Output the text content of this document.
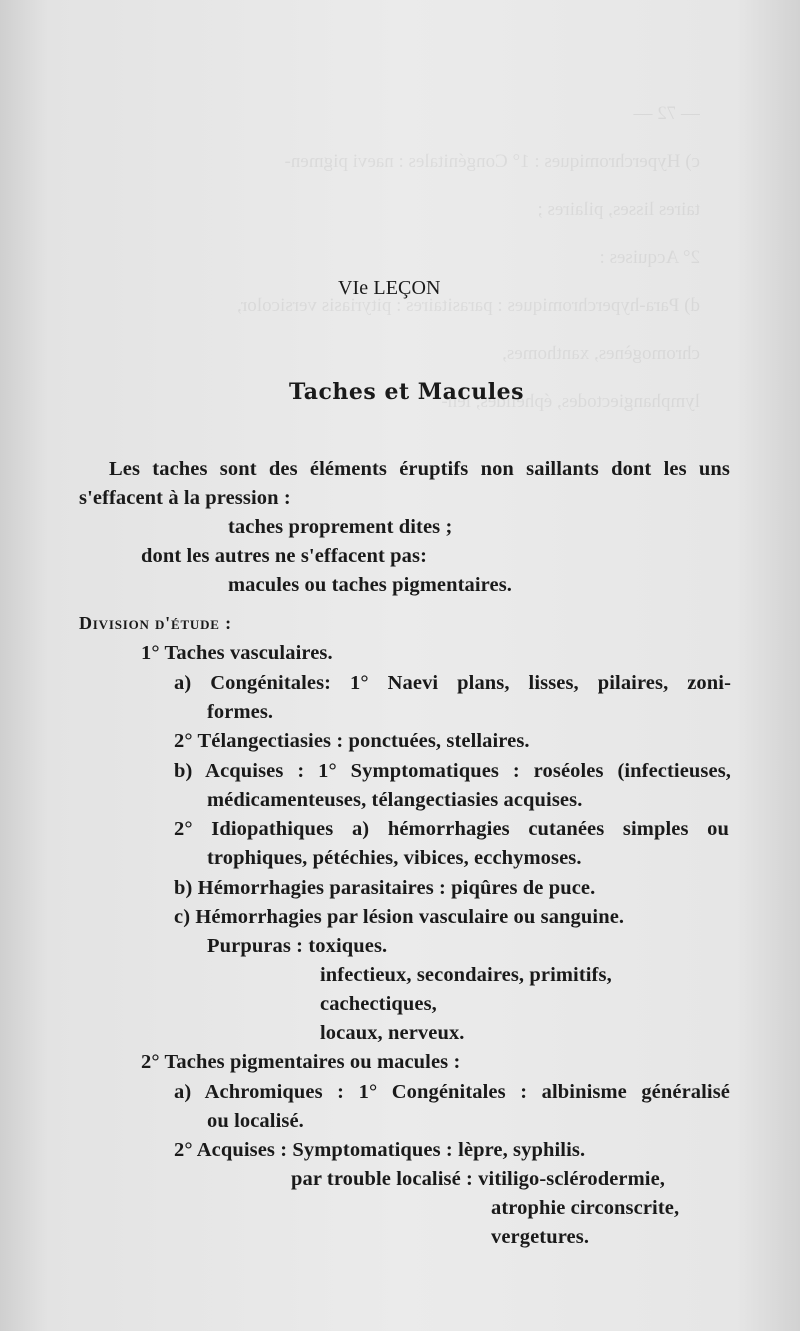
— 72 —
c) Hyperchromiques : 1° Congénitales : naevi pigmen-
taires lisses, pilaires ;
2° Acquises :
d) Para-hyperchromiques : parasitaires : pityriasis versicolor,
chromogènes, xanthomes,
lymphangiectodes, éphélides, len-
VIe LEÇON
Taches et Macules
Les taches sont des éléments éruptifs non saillants dont les uns
s'effacent à la pression :
taches proprement dites ;
dont les autres ne s'effacent pas:
macules ou taches pigmentaires.
Division d'étude :
1° Taches vasculaires.
a) Congénitales: 1° Naevi plans, lisses, pilaires, zoni-
formes.
2° Télangectiasies : ponctuées, stellaires.
b) Acquises : 1° Symptomatiques : roséoles (infectieuses,
médicamenteuses, télangectiasies acquises.
2° Idiopathiques a) hémorrhagies cutanées simples ou
trophiques, pétéchies, vibices, ecchymoses.
b) Hémorrhagies parasitaires : piqûres de puce.
c) Hémorrhagies par lésion vasculaire ou sanguine.
Purpuras : toxiques.
infectieux, secondaires, primitifs,
cachectiques,
locaux, nerveux.
2° Taches pigmentaires ou macules :
a) Achromiques : 1° Congénitales : albinisme généralisé
ou localisé.
2° Acquises : Symptomatiques : lèpre, syphilis.
par trouble localisé : vitiligo-sclérodermie,
atrophie circonscrite,
vergetures.
